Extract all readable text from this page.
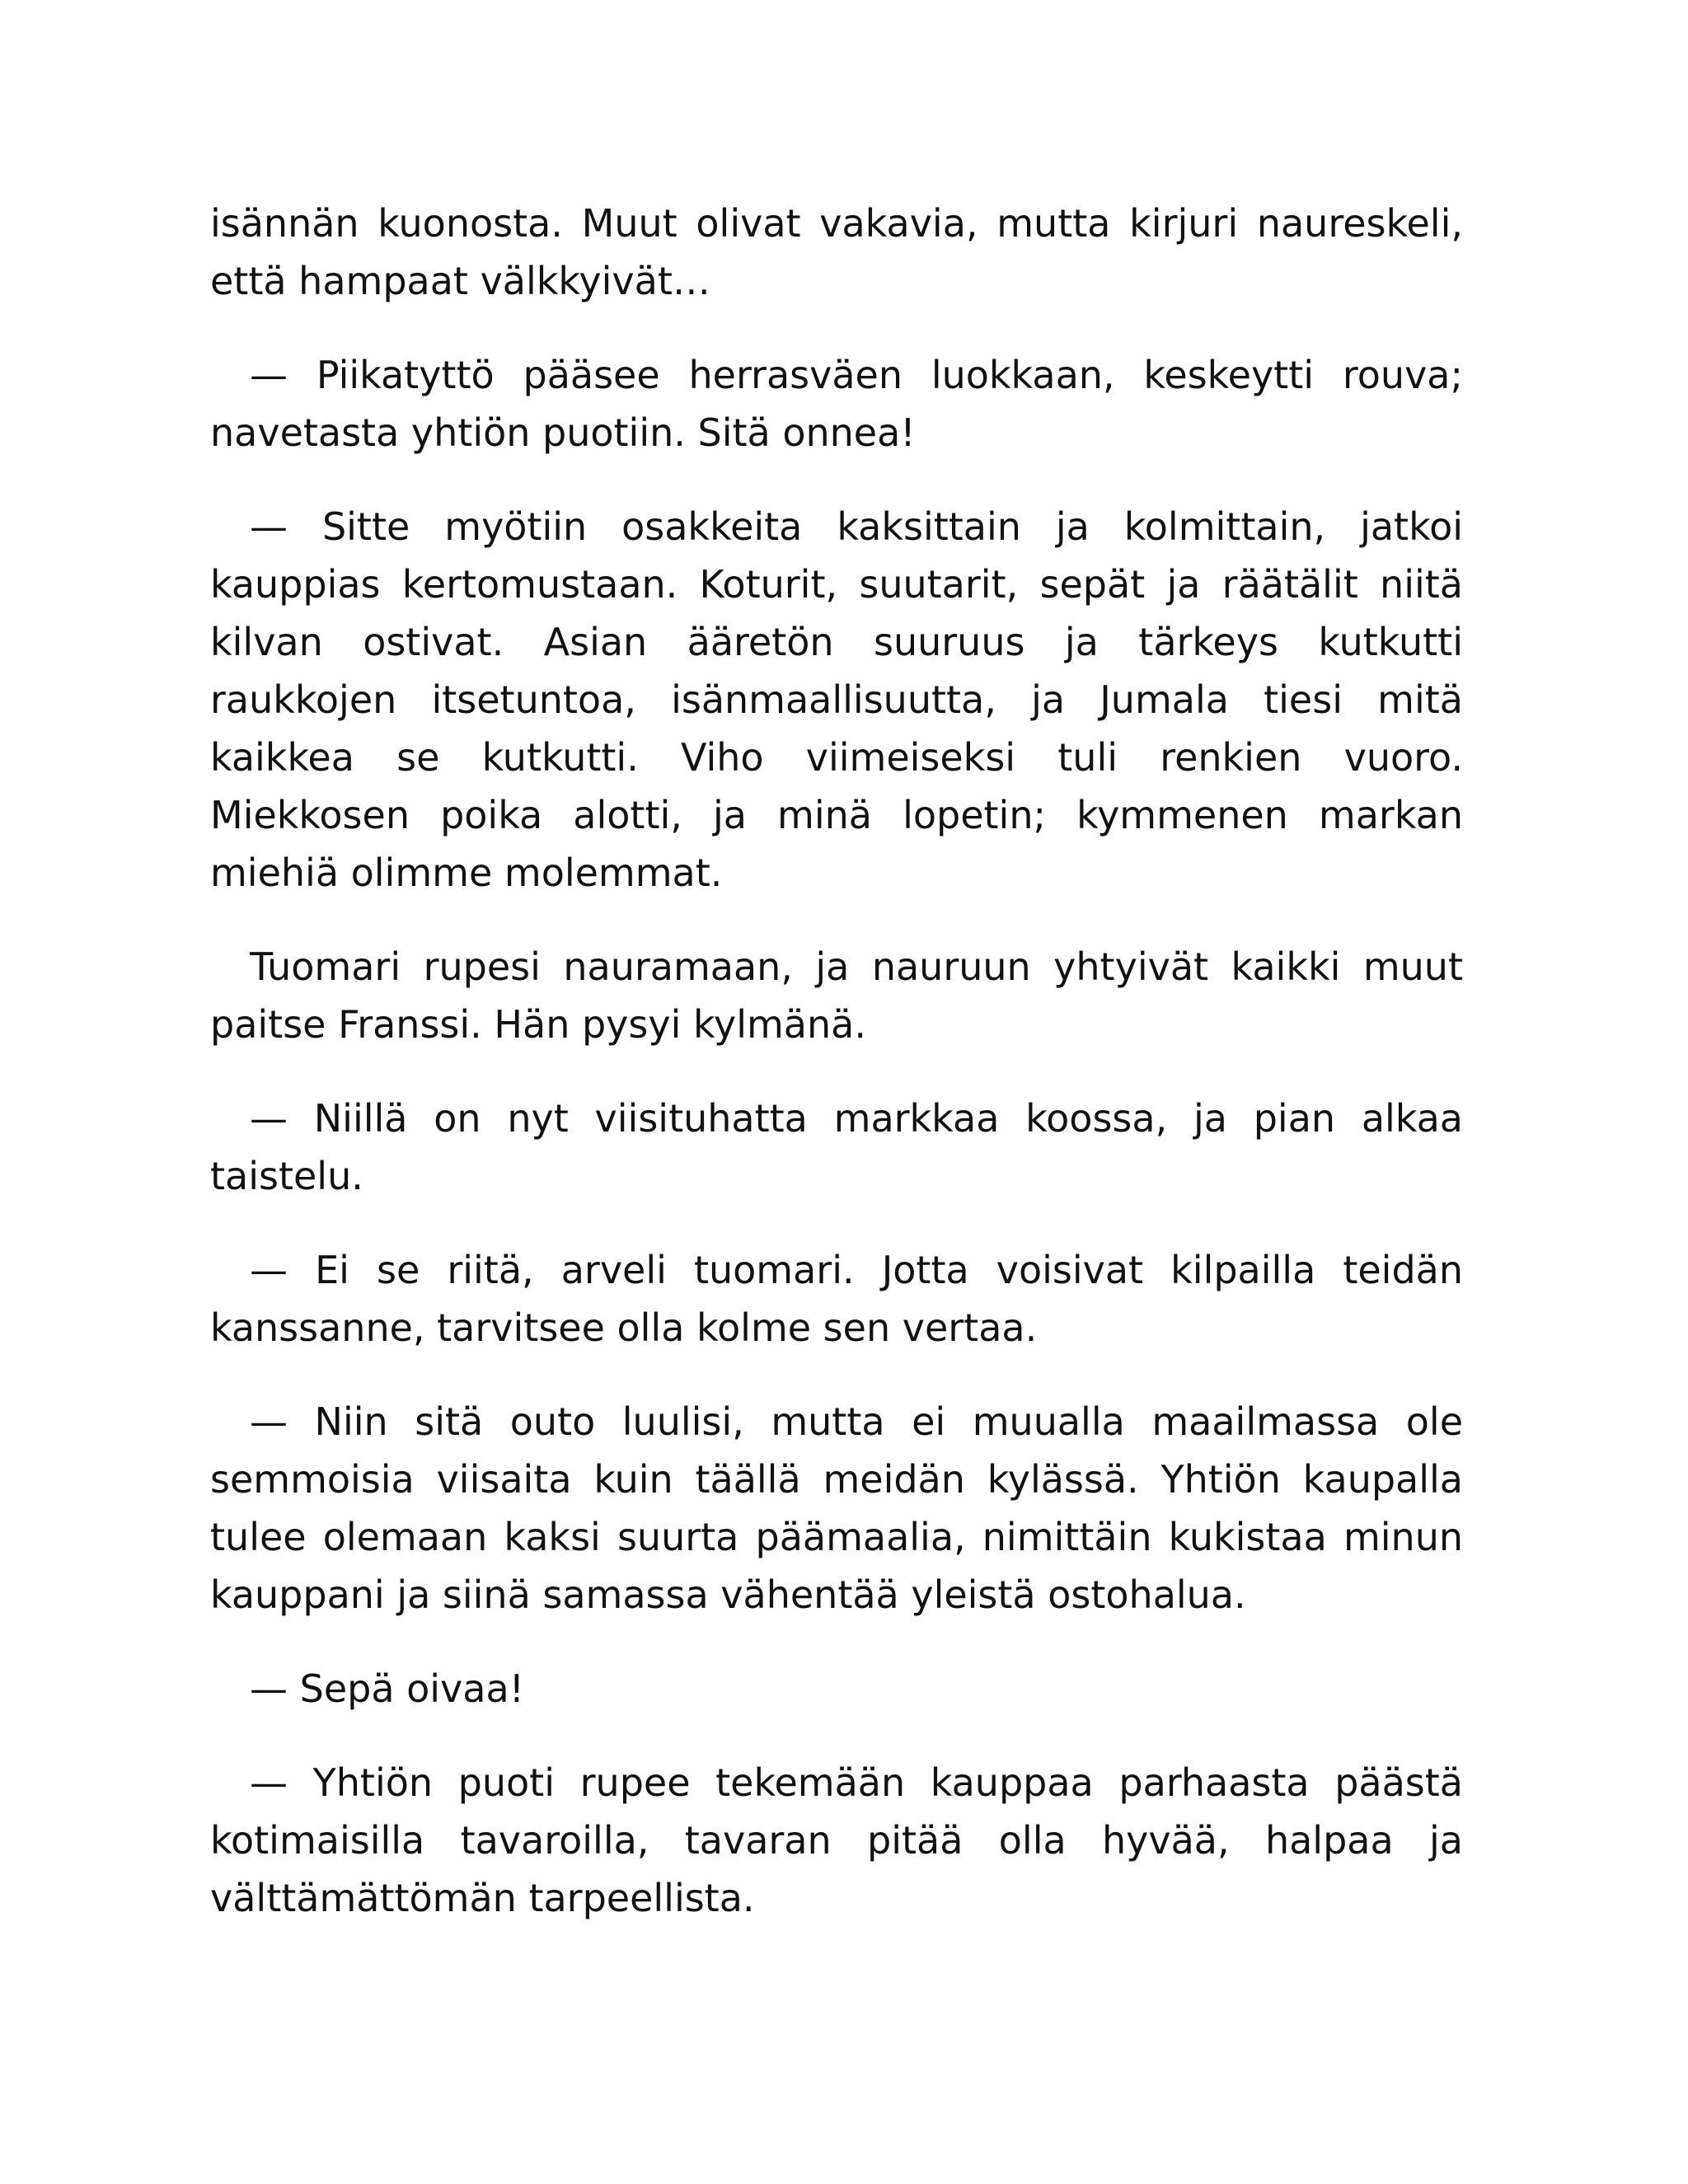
isännän kuonosta. Muut olivat vakavia, mutta kirjuri naureskeli, että hampaat välkkyivät…

— Piikatyttö pääsee herrasväen luokkaan, keskeytti rouva; navetasta yhtiön puotiin. Sitä onnea!

— Sitte myötiin osakkeita kaksittain ja kolmittain, jatkoi kauppias kertomustaan. Koturit, suutarit, sepät ja räätälit niitä kilvan ostivat. Asian ääretön suuruus ja tärkeys kutkutti raukkojen itsetuntoa, isänmaallisuutta, ja Jumala tiesi mitä kaikkea se kutkutti. Viho viimeiseksi tuli renkien vuoro. Miekkosen poika alotti, ja minä lopetin; kymmenen markan miehiä olimme molemmat.

Tuomari rupesi nauramaan, ja nauruun yhtyivät kaikki muut paitse Franssi. Hän pysyi kylmänä.

— Niillä on nyt viisituhatta markkaa koossa, ja pian alkaa taistelu.

— Ei se riitä, arveli tuomari. Jotta voisivat kilpailla teidän kanssanne, tarvitsee olla kolme sen vertaa.

— Niin sitä outo luulisi, mutta ei muualla maailmassa ole semmoisia viisaita kuin täällä meidän kylässä. Yhtiön kaupalla tulee olemaan kaksi suurta päämaalia, nimittäin kukistaa minun kauppani ja siinä samassa vähentää yleistä ostohalua.

— Sepä oivaa!

— Yhtiön puoti rupee tekemään kauppaa parhaasta päästä kotimaisilla tavaroilla, tavaran pitää olla hyvää, halpaa ja välttämättömän tarpeellista.
